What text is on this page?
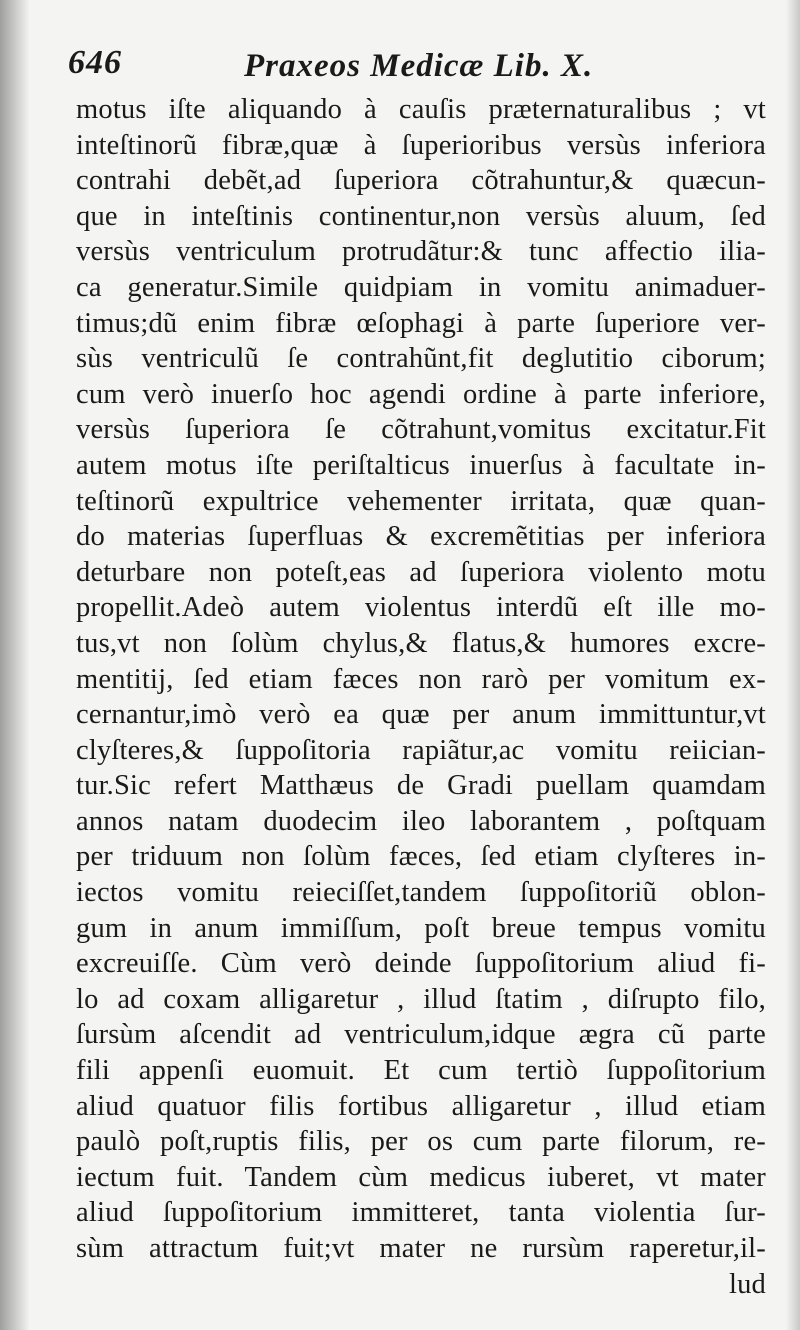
646	Praxeos Medicæ Lib. X.
motus iſte aliquando à cauſis præternaturalibus ; vt
inteſtinorũ fibræ,quæ à ſuperioribus versùs inferiora
contrahi debẽt,ad ſuperiora cõtrahuntur,& quæcun-
que in inteſtinis continentur,non versùs aluum, ſed
versùs ventriculum protrudãtur:& tunc affectio ilia-
ca generatur.Simile quidpiam in vomitu animaduer-
timus;dũ enim fibræ œſophagi à parte ſuperiore ver-
sùs ventriculũ ſe contrahũnt,fit deglutitio ciborum;
cum verò inuerſo hoc agendi ordine à parte inferiore,
versùs ſuperiora ſe cõtrahunt,vomitus excitatur.Fit
autem motus iſte periſtalticus inuerſus à facultate in-
teſtinorũ expultrice vehementer irritata, quæ quan-
do materias ſuperfluas & excremẽtitias per inferiora
deturbare non poteſt,eas ad ſuperiora violento motu
propellit.Adeò autem violentus interdũ eſt ille mo-
tus,vt non ſolùm chylus,& flatus,& humores excre-
mentitij, ſed etiam fæces non rarò per vomitum ex-
cernantur,imò verò ea quæ per anum immittuntur,vt
clyſteres,& ſuppoſitoria rapiãtur,ac vomitu reiician-
tur.Sic refert Matthæus de Gradi puellam quamdam
annos natam duodecim ileo laborantem , poſtquam
per triduum non ſolùm fæces, ſed etiam clyſteres in-
iectos vomitu reieciſſet,tandem ſuppoſitoriũ oblon-
gum in anum immiſſum, poſt breue tempus vomitu
excreuiſſe. Cùm verò deinde ſuppoſitorium aliud fi-
lo ad coxam alligaretur , illud ſtatim , diſrupto filo,
ſursùm aſcendit ad ventriculum,idque ægra cũ parte
fili appenſi euomuit. Et cum tertiò ſuppoſitorium
aliud quatuor filis fortibus alligaretur , illud etiam
paulò poſt,ruptis filis, per os cum parte filorum, re-
iectum fuit. Tandem cùm medicus iuberet, vt mater
aliud ſuppoſitorium immitteret, tanta violentia ſur-
sùm attractum fuit;vt mater ne rursùm raperetur,il-
lud
